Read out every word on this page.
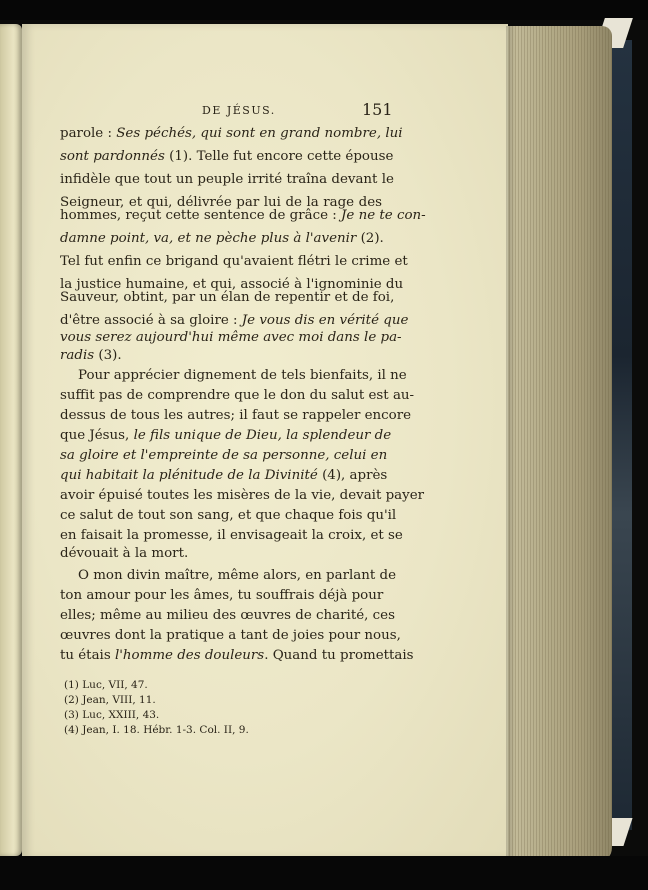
DE JÉSUS.	151
parole : Ses péchés, qui sont en grand nombre, lui
sont pardonnés (1). Telle fut encore cette épouse
infidèle que tout un peuple irrité traîna devant le
Seigneur, et qui, délivrée par lui de la rage des
hommes, reçut cette sentence de grâce : Je ne te con-
damne point, va, et ne pèche plus à l'avenir (2).
Tel fut enfin ce brigand qu'avaient flétri le crime et
la justice humaine, et qui, associé à l'ignominie du
Sauveur, obtint, par un élan de repentir et de foi,
d'être associé à sa gloire : Je vous dis en vérité que
vous serez aujourd'hui même avec moi dans le pa-
radis (3).
Pour apprécier dignement de tels bienfaits, il ne
suffit pas de comprendre que le don du salut est au-
dessus de tous les autres; il faut se rappeler encore
que Jésus, le fils unique de Dieu, la splendeur de
sa gloire et l'empreinte de sa personne, celui en
qui habitait la plénitude de la Divinité (4), après
avoir épuisé toutes les misères de la vie, devait payer
ce salut de tout son sang, et que chaque fois qu'il
en faisait la promesse, il envisageait la croix, et se
dévouait à la mort.
O mon divin maître, même alors, en parlant de
ton amour pour les âmes, tu souffrais déjà pour
elles; même au milieu des œuvres de charité, ces
œuvres dont la pratique a tant de joies pour nous,
tu étais l'homme des douleurs. Quand tu promettais
(1) Luc, VII, 47.
(2) Jean, VIII, 11.
(3) Luc, XXIII, 43.
(4) Jean, I. 18. Hébr. 1-3. Col. II, 9.
